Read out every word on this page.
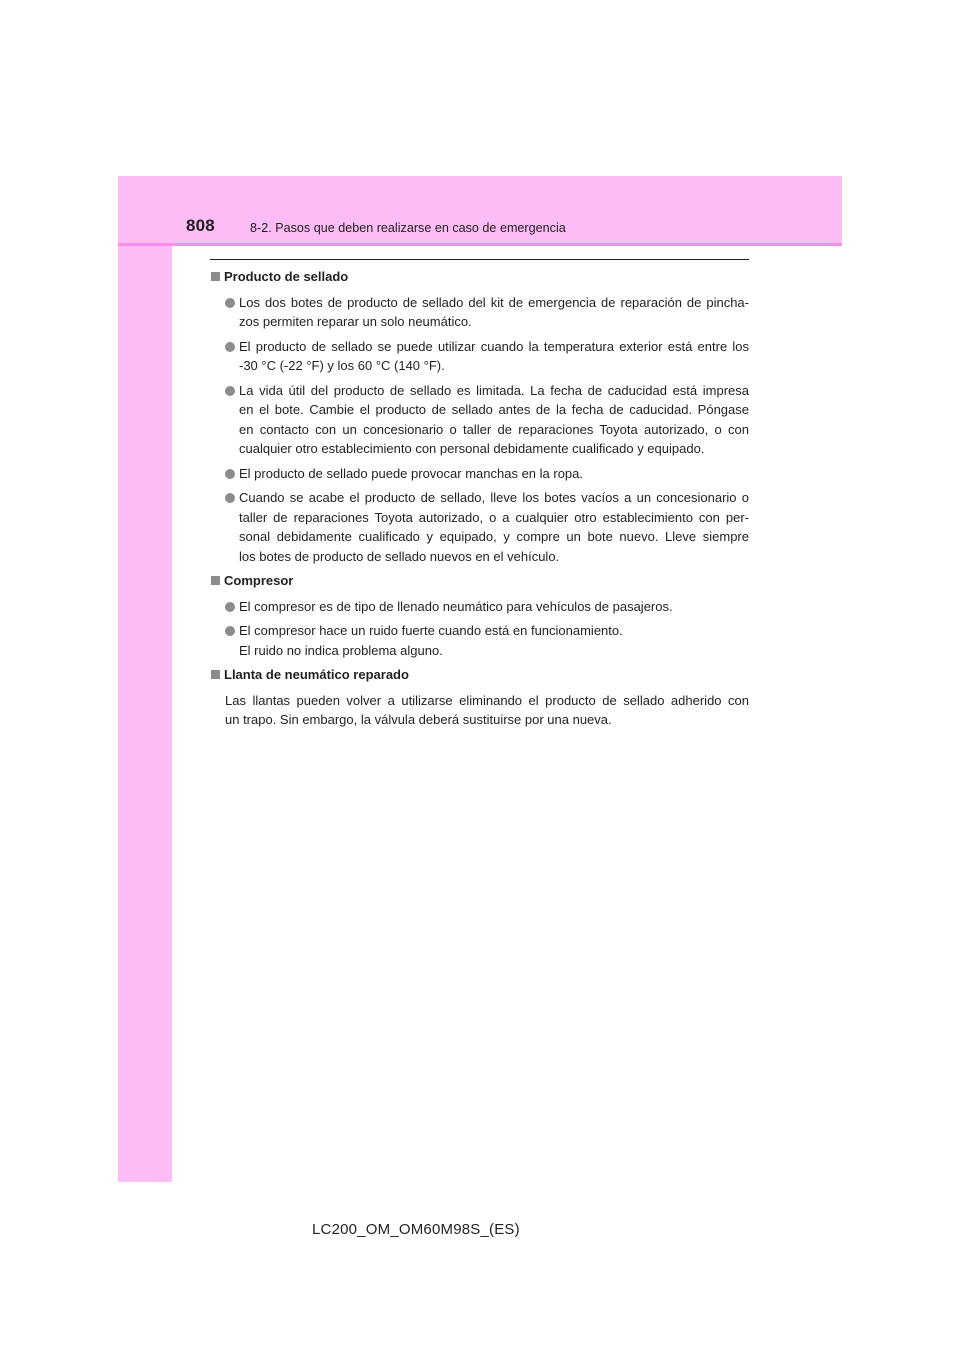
808	8-2. Pasos que deben realizarse en caso de emergencia
Producto de sellado
Los dos botes de producto de sellado del kit de emergencia de reparación de pincha-
zos permiten reparar un solo neumático.
El producto de sellado se puede utilizar cuando la temperatura exterior está entre los
-30 °C (-22 °F) y los 60 °C (140 °F).
La vida útil del producto de sellado es limitada. La fecha de caducidad está impresa
en el bote. Cambie el producto de sellado antes de la fecha de caducidad. Póngase
en contacto con un concesionario o taller de reparaciones Toyota autorizado, o con
cualquier otro establecimiento con personal debidamente cualificado y equipado.
El producto de sellado puede provocar manchas en la ropa.
Cuando se acabe el producto de sellado, lleve los botes vacíos a un concesionario o
taller de reparaciones Toyota autorizado, o a cualquier otro establecimiento con per-
sonal debidamente cualificado y equipado, y compre un bote nuevo. Lleve siempre
los botes de producto de sellado nuevos en el vehículo.
Compresor
El compresor es de tipo de llenado neumático para vehículos de pasajeros.
El compresor hace un ruido fuerte cuando está en funcionamiento.
El ruido no indica problema alguno.
Llanta de neumático reparado
Las llantas pueden volver a utilizarse eliminando el producto de sellado adherido con
un trapo. Sin embargo, la válvula deberá sustituirse por una nueva.
LC200_OM_OM60M98S_(ES)
